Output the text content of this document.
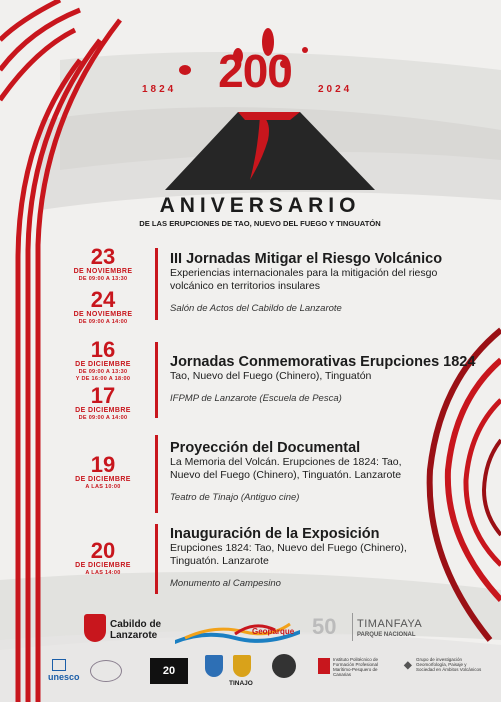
200
1824	2024
ANIVERSARIO
DE LAS ERUPCIONES DE TAO, NUEVO DEL FUEGO Y TINGUATÓN
23
DE NOVIEMBRE
DE 09:00 A 13:30
24
DE NOVIEMBRE
DE 09:00 A 14:00
III Jornadas Mitigar el Riesgo Volcánico
Experiencias internacionales para la mitigación del riesgo
volcánico en territorios insulares
Salón de Actos del Cabildo de Lanzarote
16
DE DICIEMBRE
DE 09:00 A 13:30
Y DE 16:00 A 18:00
17
DE DICIEMBRE
DE 09:00 A 14:00
Jornadas Conmemorativas Erupciones 1824
Tao, Nuevo del Fuego (Chinero), Tinguatón
IFPMP de Lanzarote (Escuela de Pesca)
19
DE DICIEMBRE
A LAS 10:00
Proyección del Documental
La Memoria del Volcán. Erupciones de 1824: Tao,
Nuevo del Fuego (Chinero), Tinguatón. Lanzarote
Teatro de Tinajo (Antiguo cine)
20
DE DICIEMBRE
A LAS 14:00
Inauguración de la Exposición
Erupciones 1824: Tao, Nuevo del Fuego (Chinero),
Tinguatón. Lanzarote
Monumento al Campesino
Cabildo de
Lanzarote	Geoparque 50 TIMANFAYA
PARQUE NACIONAL
unesco	20
TINAJO
Instituto Politécnico de Formación Profesional Marítimo-Pesquero de Canarias
◆
Grupo de investigación Geomorfología, Paisaje y Sociedad en Ámbitos Volcánicos
